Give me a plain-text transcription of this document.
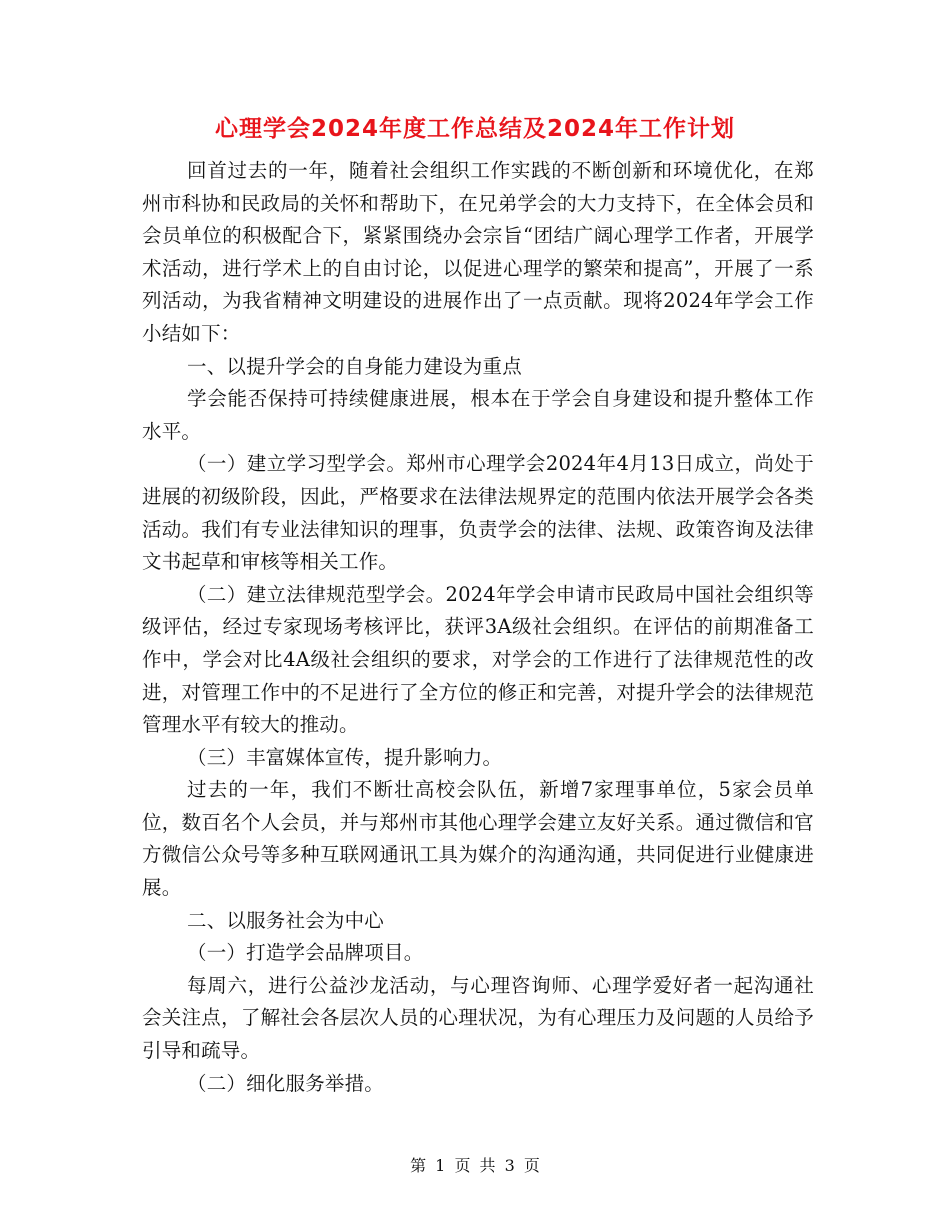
心理学会2024年度工作总结及2024年工作计划

回首过去的一年，随着社会组织工作实践的不断创新和环境优化，在郑州市科协和民政局的关怀和帮助下，在兄弟学会的大力支持下，在全体会员和会员单位的积极配合下，紧紧围绕办会宗旨“团结广阔心理学工作者，开展学术活动，进行学术上的自由讨论，以促进心理学的繁荣和提高”，开展了一系列活动，为我省精神文明建设的进展作出了一点贡献。现将2024年学会工作小结如下：

一、以提升学会的自身能力建设为重点

学会能否保持可持续健康进展，根本在于学会自身建设和提升整体工作水平。

（一）建立学习型学会。郑州市心理学会2024年4月13日成立，尚处于进展的初级阶段，因此，严格要求在法律法规界定的范围内依法开展学会各类活动。我们有专业法律知识的理事，负责学会的法律、法规、政策咨询及法律文书起草和审核等相关工作。

（二）建立法律规范型学会。2024年学会申请市民政局中国社会组织等级评估，经过专家现场考核评比，获评3A级社会组织。在评估的前期准备工作中，学会对比4A级社会组织的要求，对学会的工作进行了法律规范性的改进，对管理工作中的不足进行了全方位的修正和完善，对提升学会的法律规范管理水平有较大的推动。

（三）丰富媒体宣传，提升影响力。

过去的一年，我们不断壮高校会队伍，新增7家理事单位，5家会员单位，数百名个人会员，并与郑州市其他心理学会建立友好关系。通过微信和官方微信公众号等多种互联网通讯工具为媒介的沟通沟通，共同促进行业健康进展。

二、以服务社会为中心

（一）打造学会品牌项目。

每周六，进行公益沙龙活动，与心理咨询师、心理学爱好者一起沟通社会关注点，了解社会各层次人员的心理状况，为有心理压力及问题的人员给予引导和疏导。

（二）细化服务举措。

第 1 页 共 3 页
